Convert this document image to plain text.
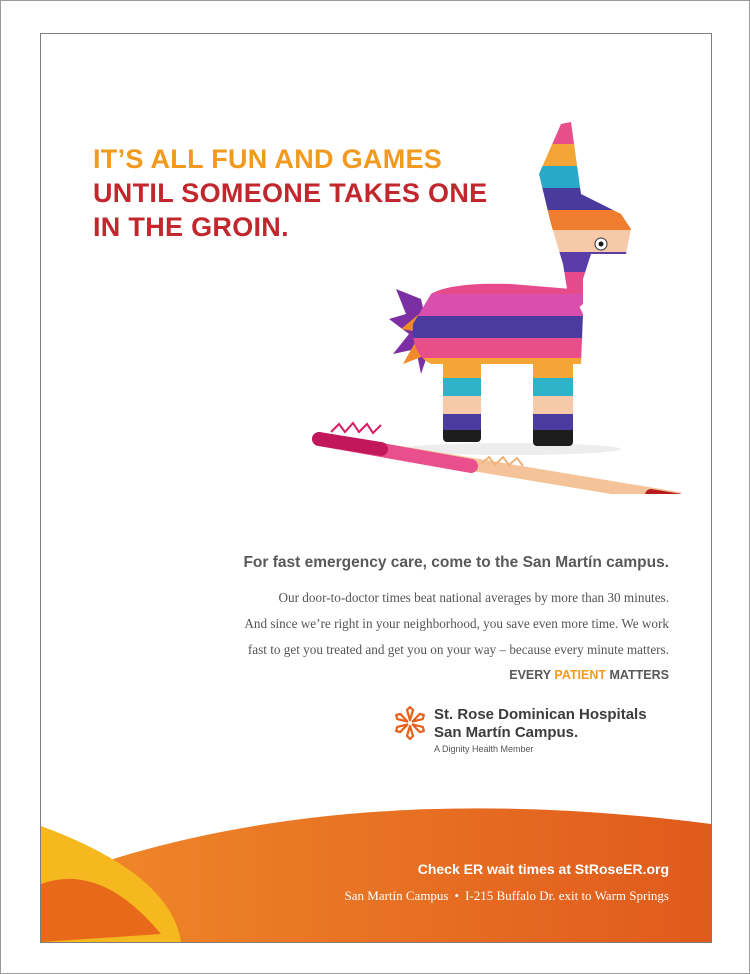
IT’S ALL FUN AND GAMES
UNTIL SOMEONE TAKES ONE
IN THE GROIN.

For fast emergency care, come to the San Martín campus.

Our door-to-doctor times beat national averages by more than 30 minutes.
And since we’re right in your neighborhood, you save even more time. We work
fast to get you treated and get you on your way – because every minute matters.

EVERY PATIENT MATTERS

St. Rose Dominican Hospitals
San Martín Campus.
A Dignity Health Member

Check ER wait times at StRoseER.org

San Martín Campus • I-215 Buffalo Dr. exit to Warm Springs
